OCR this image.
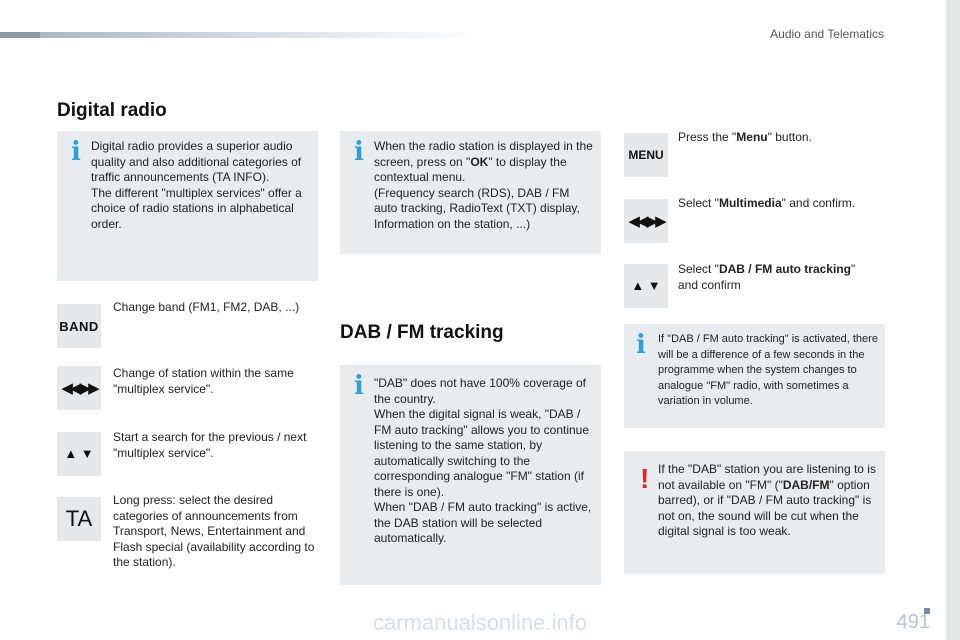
Audio and Telematics
Digital radio
i Digital radio provides a superior audio quality and also additional categories of traffic announcements (TA INFO).
The different "multiplex services" offer a choice of radio stations in alphabetical order.
i When the radio station is displayed in the screen, press on "OK" to display the contextual menu.
(Frequency search (RDS), DAB / FM auto tracking, RadioText (TXT) display, Information on the station, ...)
BAND
Change band (FM1, FM2, DAB, ...)
◀◀ ▶▶
Change of station within the same "multiplex service".
▲ ▼
Start a search for the previous / next "multiplex service".
TA
Long press: select the desired categories of announcements from Transport, News, Entertainment and Flash special (availability according to the station).
DAB / FM tracking
i "DAB" does not have 100% coverage of the country.
When the digital signal is weak, "DAB / FM auto tracking" allows you to continue listening to the same station, by automatically switching to the corresponding analogue "FM" station (if there is one).
When "DAB / FM auto tracking" is active, the DAB station will be selected automatically.
MENU
Press the "Menu" button.
◀◀ ▶▶
Select "Multimedia" and confirm.
▲ ▼
Select "DAB / FM auto tracking" and confirm
i If "DAB / FM auto tracking" is activated, there will be a difference of a few seconds in the programme when the system changes to analogue "FM" radio, with sometimes a variation in volume.
! If the "DAB" station you are listening to is not available on "FM" ("DAB/FM" option barred), or if "DAB / FM auto tracking" is not on, the sound will be cut when the digital signal is too weak.
491
carmanualsonline.info
